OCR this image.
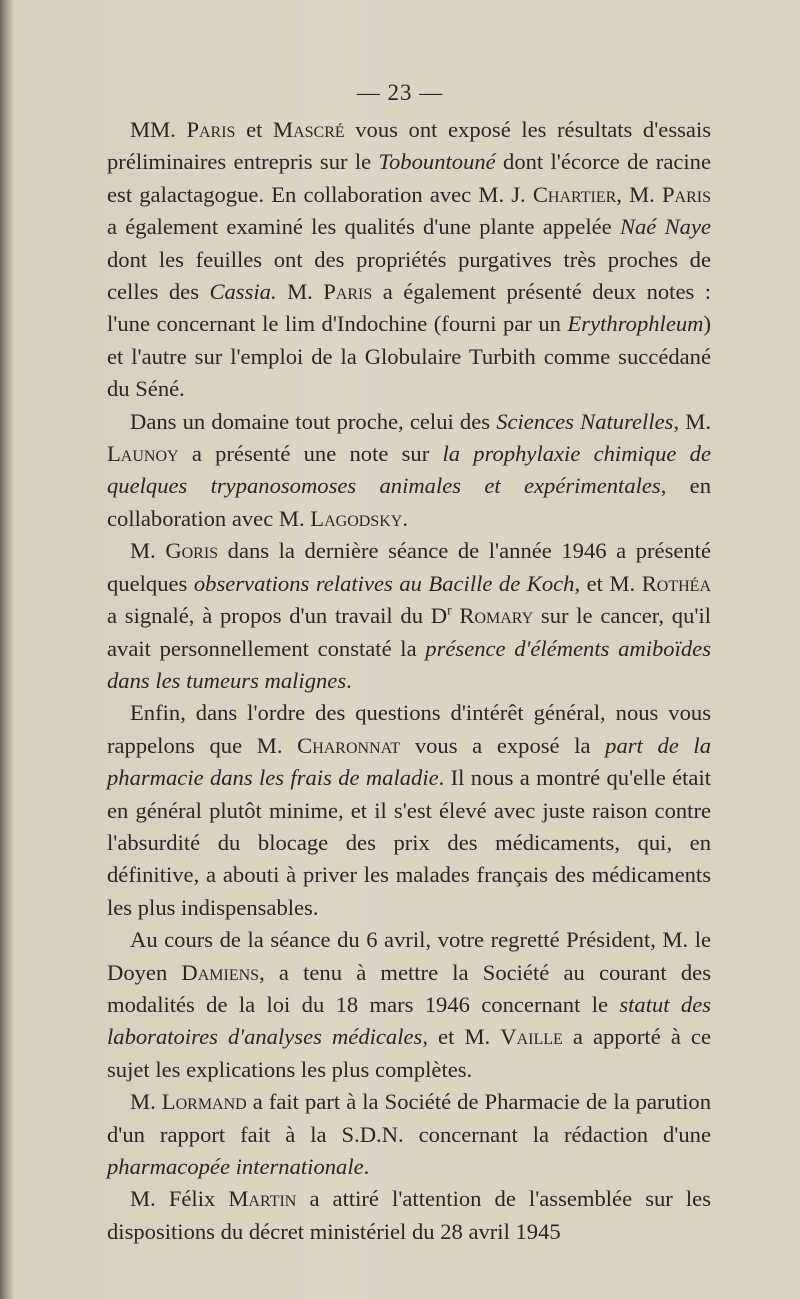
— 23 —

MM. Paris et Mascré vous ont exposé les résultats d'essais préliminaires entrepris sur le Tobountouné dont l'écorce de racine est galactagogue. En collaboration avec M. J. Chartier, M. Paris a également examiné les qualités d'une plante appelée Naé Naye dont les feuilles ont des propriétés purgatives très proches de celles des Cassia. M. Paris a également présenté deux notes : l'une concernant le lim d'Indochine (fourni par un Erythrophleum) et l'autre sur l'emploi de la Globulaire Turbith comme succédané du Séné.

Dans un domaine tout proche, celui des Sciences Naturelles, M. Launoy a présenté une note sur la prophylaxie chimique de quelques trypanosomoses animales et expérimentales, en collaboration avec M. Lagodsky.

M. Goris dans la dernière séance de l'année 1946 a présenté quelques observations relatives au Bacille de Koch, et M. Rothéa a signalé, à propos d'un travail du $D^r$ Romary sur le cancer, qu'il avait personnellement constaté la présence d'éléments amiboïdes dans les tumeurs malignes.

Enfin, dans l'ordre des questions d'intérêt général, nous vous rappelons que M. Charonnat vous a exposé la part de la pharmacie dans les frais de maladie. Il nous a montré qu'elle était en général plutôt minime, et il s'est élevé avec juste raison contre l'absurdité du blocage des prix des médicaments, qui, en définitive, a abouti à priver les malades français des médicaments les plus indispensables.

Au cours de la séance du 6 avril, votre regretté Président, M. le Doyen Damiens, a tenu à mettre la Société au courant des modalités de la loi du 18 mars 1946 concernant le statut des laboratoires d'analyses médicales, et M. Vaille a apporté à ce sujet les explications les plus complètes.

M. Lormand a fait part à la Société de Pharmacie de la parution d'un rapport fait à la S.D.N. concernant la rédaction d'une pharmacopée internationale.

M. Félix Martin a attiré l'attention de l'assemblée sur les dispositions du décret ministériel du 28 avril 1945
